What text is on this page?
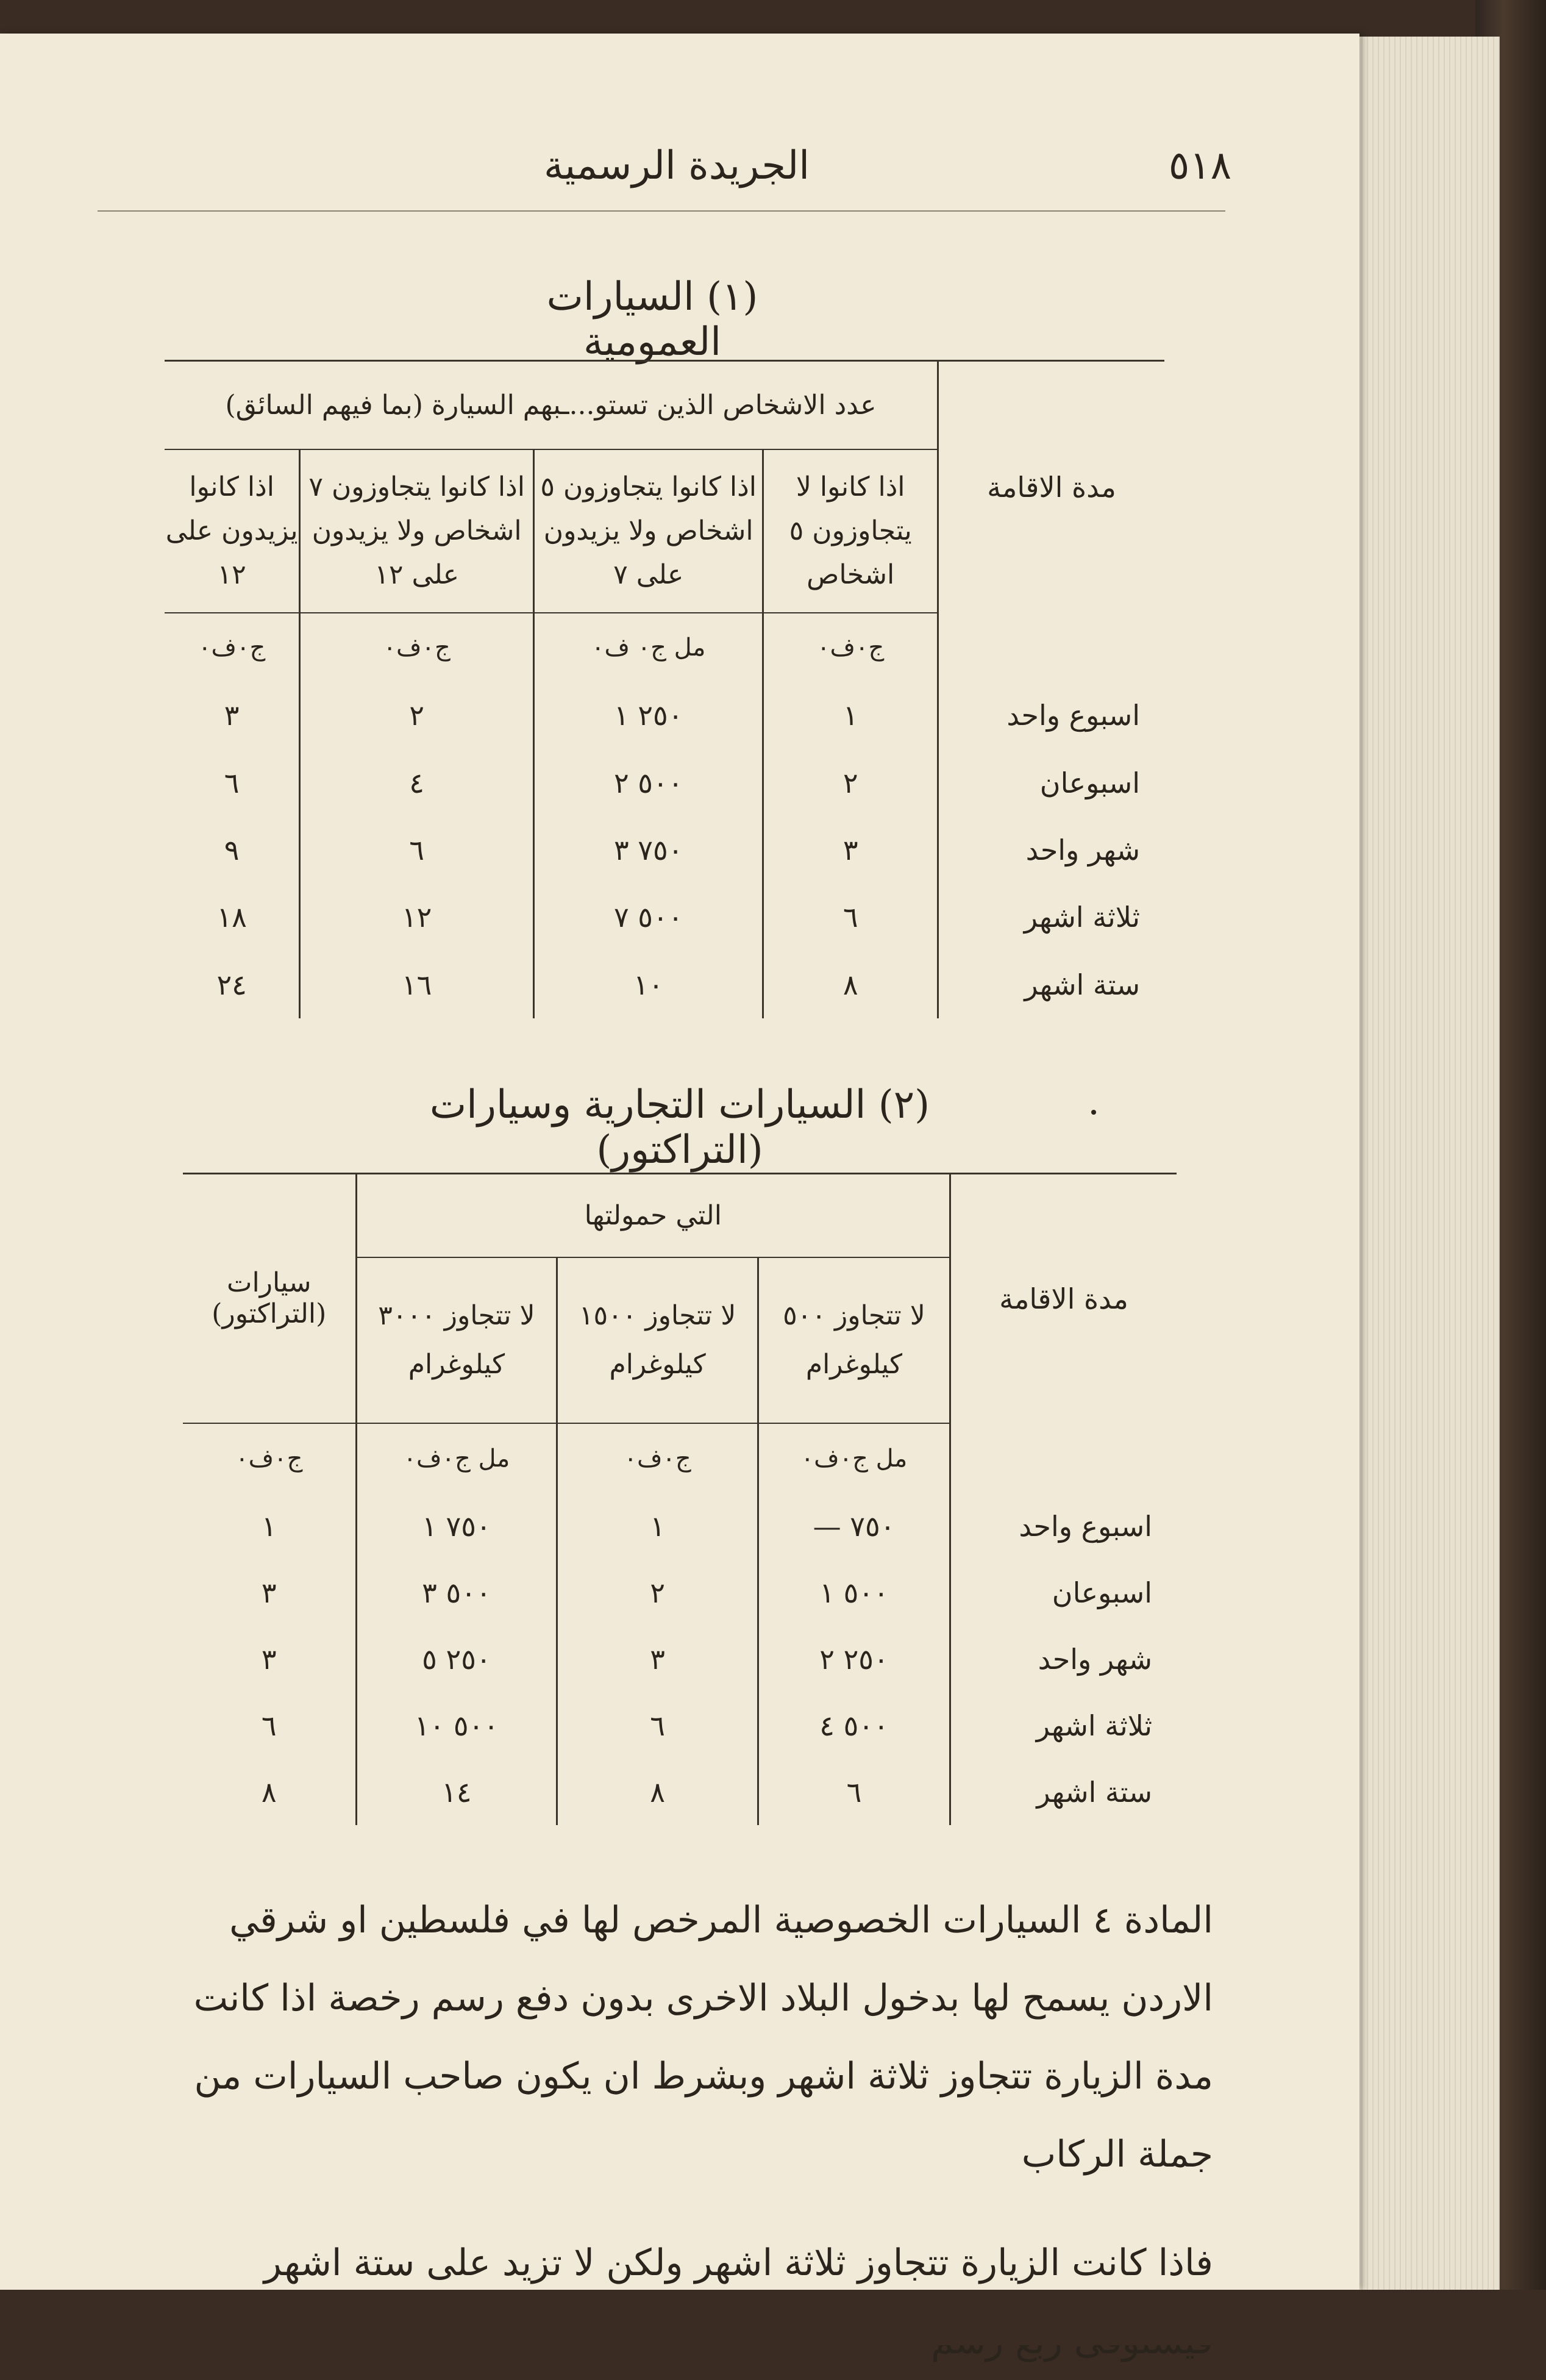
الجريدة الرسمية	٥١٨
(١) السيارات العمومية
مدة الاقامة	عدد الاشخاص الذين تستو...ـبهم السيارة (بما فيهم السائق)			
	اذا كانوا لا يتجاوزون ٥ اشخاص	اذا كانوا يتجاوزون ٥ اشخاص ولا يزيدون على ٧	اذا كانوا يتجاوزون ٧ اشخاص ولا يزيدون على ١٢	اذا كانوا يزيدون على ١٢
	ج٠ف٠	مل ج٠ ف٠	ج٠ف٠	ج٠ف٠
اسبوع واحد	١	٢٥٠ ١	٢	٣
اسبوعان	٢	٥٠٠ ٢	٤	٦
شهر واحد	٣	٧٥٠ ٣	٦	٩
ثلاثة اشهر	٦	٥٠٠ ٧	١٢	١٨
ستة اشهر	٨	١٠	١٦	٢٤
(٢) السيارات التجارية وسيارات (التراكتور)
مدة الاقامة	التي حمولتها			سيارات (التراكتور)
	لا تتجاوز ٥٠٠ كيلوغرام	لا تتجاوز ١٥٠٠ كيلوغرام	لا تتجاوز ٣٠٠٠ كيلوغرام	
	مل ج٠ف٠	ج٠ف٠	مل ج٠ف٠	ج٠ف٠
اسبوع واحد	٧٥٠ —	١	٧٥٠ ١	١
اسبوعان	٥٠٠ ١	٢	٥٠٠ ٣	٣
شهر واحد	٢٥٠ ٢	٣	٢٥٠ ٥	٣
ثلاثة اشهر	٥٠٠ ٤	٦	٥٠٠ ١٠	٦
ستة اشهر	٦	٨	١٤	٨

المادة ٤ السيارات الخصوصية المرخص لها في فلسطين او شرقي الاردن يسمح لها بدخول البلاد الاخرى بدون دفع رسم رخصة اذا كانت مدة الزيارة تتجاوز ثلاثة اشهر وبشرط ان يكون صاحب السيارات من جملة الركاب

فاذا كانت الزيارة تتجاوز ثلاثة اشهر ولكن لا تزيد على ستة اشهر
